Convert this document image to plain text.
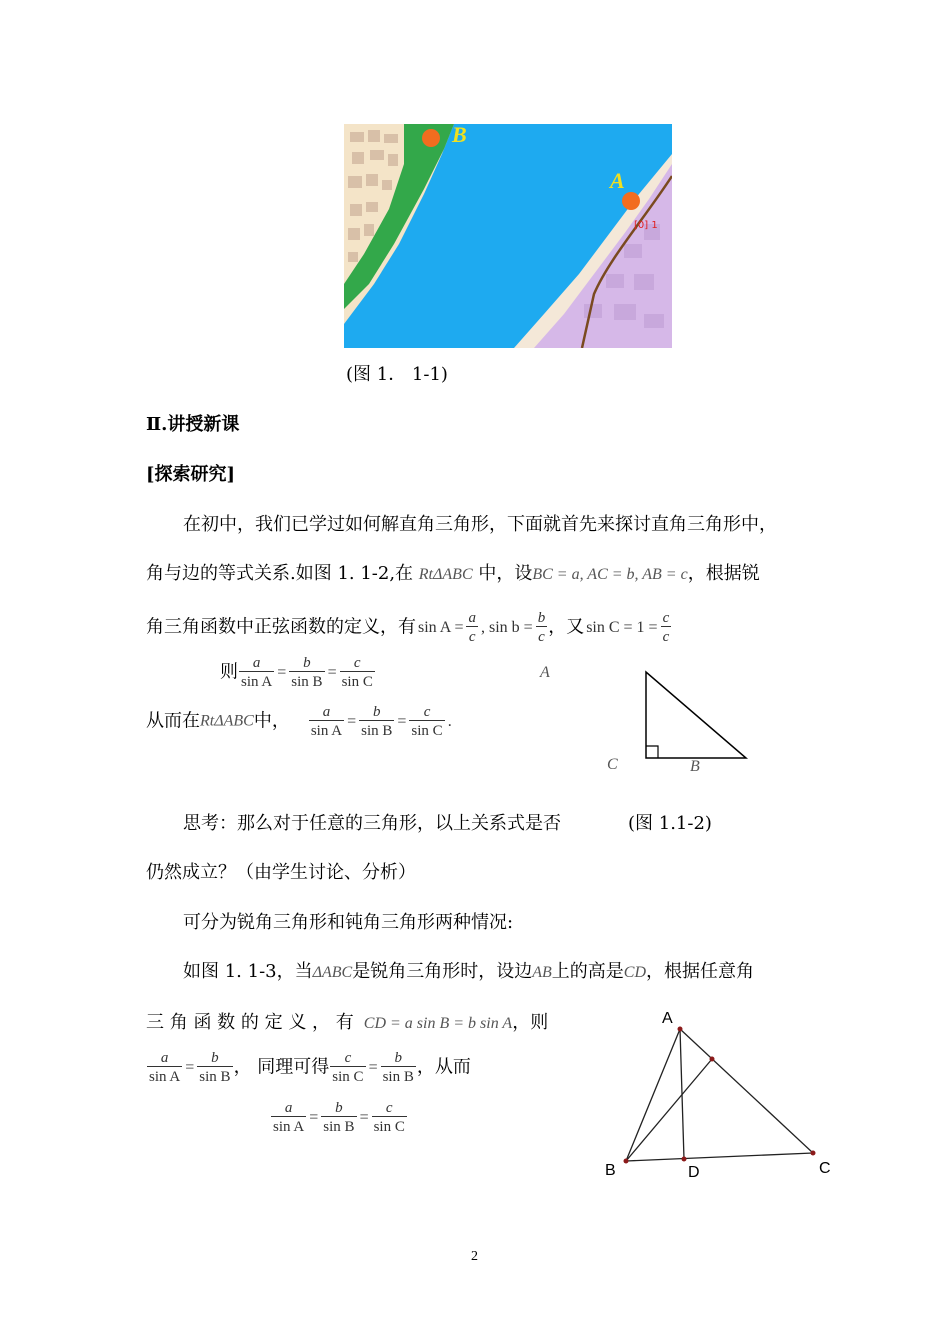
B
A
[0] 1
(图 1． 1-1)
Ⅱ.讲授新课
[探索研究]
在初中，我们已学过如何解直角三角形，下面就首先来探讨直角三角形中，
角与边的等式关系.如图 1. 1-2,在 RtΔABC 中，设BC = a, AC = b, AB = c，根据锐
角三角函数中正弦函数的定义，有 $\sin A = \frac{a}{c}$ , $\sin b = \frac{b}{c}$ ，又 $\sin C = 1 = \frac{c}{c}$
则 $\frac{a}{\text{sin A}} = \frac{b}{\text{sin B}} = \frac{c}{\text{sin C}}$
从而在RtΔABC中， $\frac{a}{\text{sin A}} = \frac{b}{\text{sin B}} = \frac{c}{\text{sin C}}$ .
A
C	B
思考：那么对于任意的三角形，以上关系式是否	(图 1.1-2)
仍然成立？（由学生讨论、分析）
可分为锐角三角形和钝角三角形两种情况:
如图 1. 1-3，当ΔABC是锐角三角形时，设边AB上的高是CD，根据任意角
三 角 函 数 的 定 义 ， 有 CD = a sin B = b sin A，则
$\frac{a}{\text{sin A}} = \frac{b}{\text{sin B}}$ ， 同理可得 $\frac{c}{\text{sin C}} = \frac{b}{\text{sin B}}$ ，从而
$\frac{a}{\text{sin A}} = \frac{b}{\text{sin B}} = \frac{c}{\text{sin C}}$
A
B	D	C
2
